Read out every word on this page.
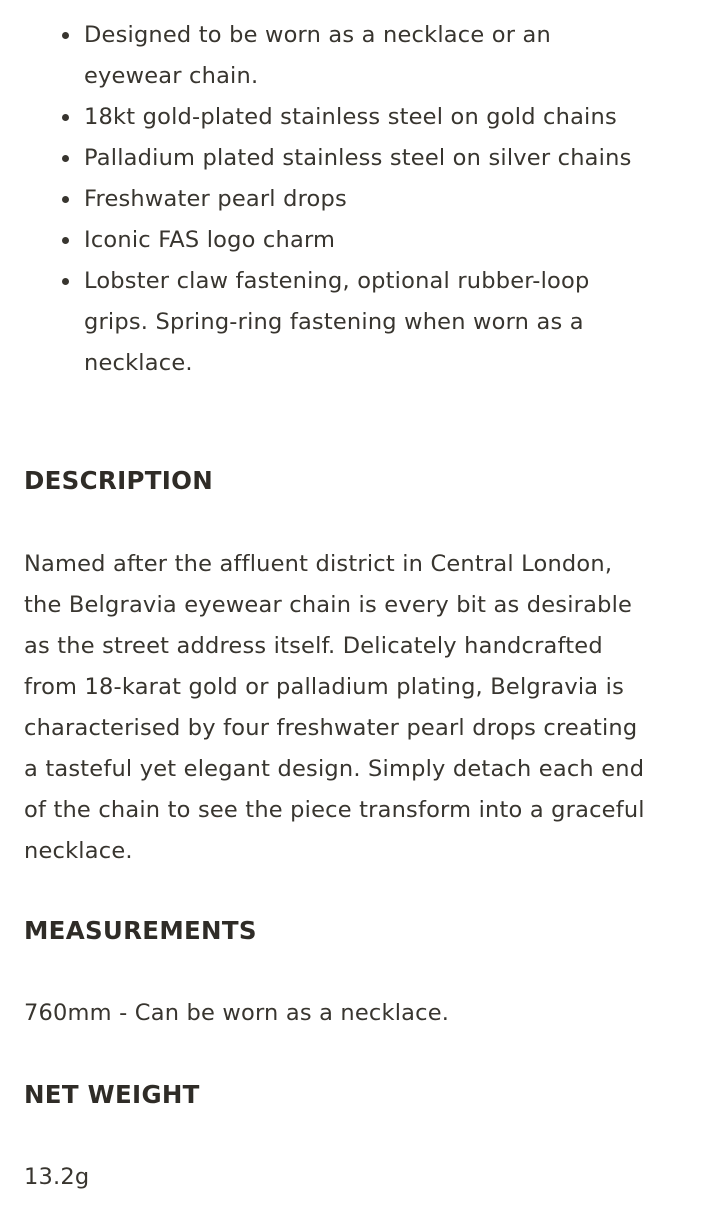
Designed to be worn as a necklace or an eyewear chain.
18kt gold-plated stainless steel on gold chains
Palladium plated stainless steel on silver chains
Freshwater pearl drops
Iconic FAS logo charm
Lobster claw fastening, optional rubber-loop grips. Spring-ring fastening when worn as a necklace.
DESCRIPTION

Named after the affluent district in Central London, the Belgravia eyewear chain is every bit as desirable as the street address itself. Delicately handcrafted from 18-karat gold or palladium plating, Belgravia is characterised by four freshwater pearl drops creating a tasteful yet elegant design. Simply detach each end of the chain to see the piece transform into a graceful necklace.

MEASUREMENTS

760mm - Can be worn as a necklace.

NET WEIGHT

13.2g
